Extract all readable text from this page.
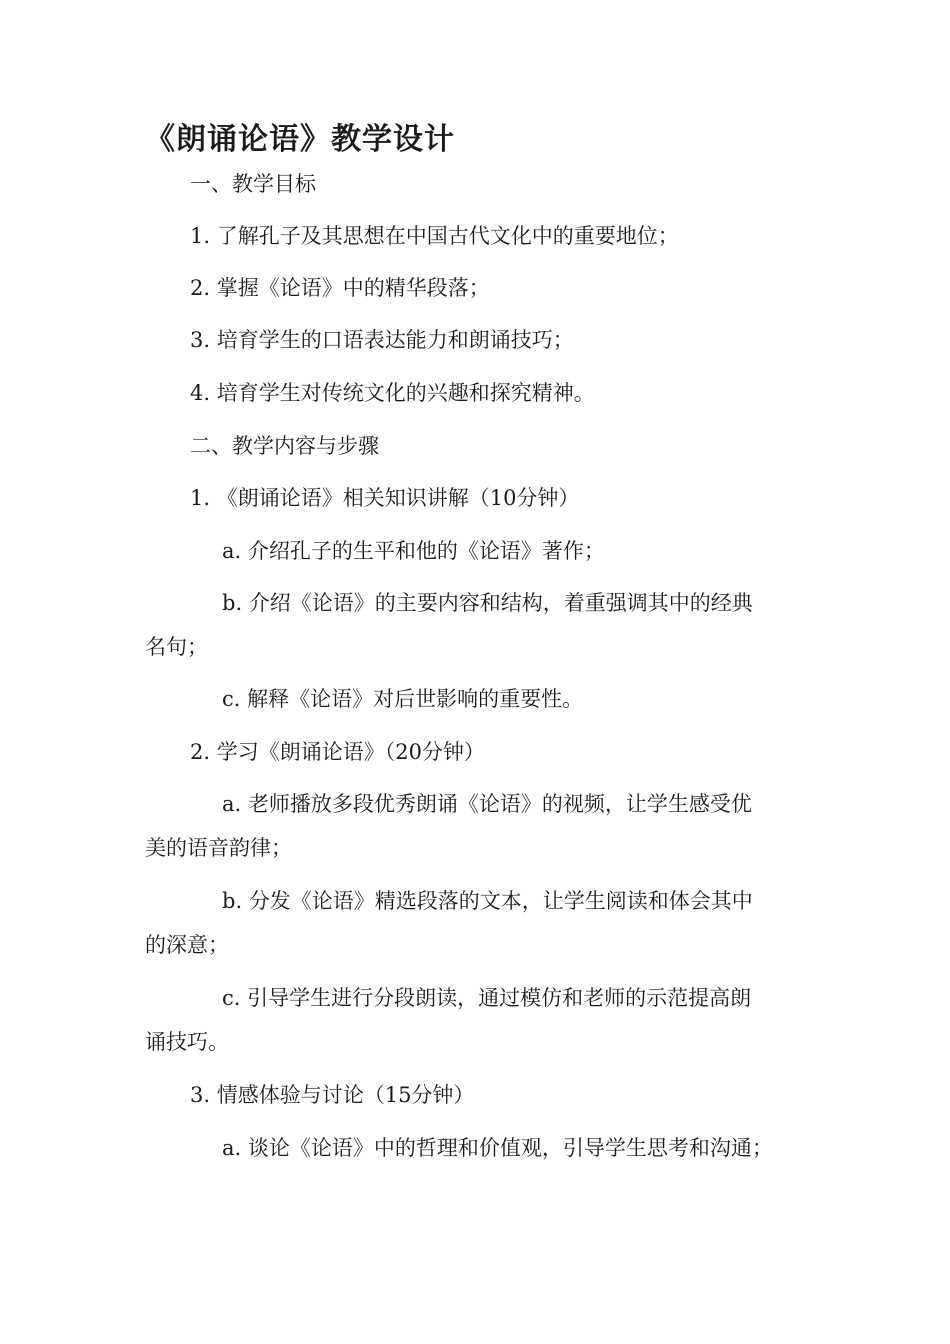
《朗诵论语》教学设计
一、教学目标
1. 了解孔子及其思想在中国古代文化中的重要地位；
2. 掌握《论语》中的精华段落；
3. 培育学生的口语表达能力和朗诵技巧；
4. 培育学生对传统文化的兴趣和探究精神。
二、教学内容与步骤
1. 《朗诵论语》相关知识讲解（10分钟）
a. 介绍孔子的生平和他的《论语》著作；
b. 介绍《论语》的主要内容和结构，着重强调其中的经典
名句；
c. 解释《论语》对后世影响的重要性。
2. 学习《朗诵论语》（20分钟）
a. 老师播放多段优秀朗诵《论语》的视频，让学生感受优
美的语音韵律；
b. 分发《论语》精选段落的文本，让学生阅读和体会其中
的深意；
c. 引导学生进行分段朗读，通过模仿和老师的示范提高朗
诵技巧。
3. 情感体验与讨论（15分钟）
a. 谈论《论语》中的哲理和价值观，引导学生思考和沟通；
